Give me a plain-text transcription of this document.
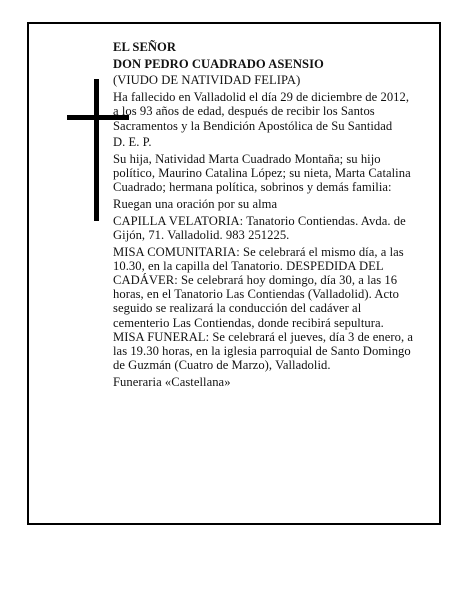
EL SEÑOR

DON PEDRO CUADRADO ASENSIO

(VIUDO DE NATIVIDAD FELIPA)

Ha fallecido en Valladolid el día 29 de diciembre de 2012, a los 93 años de edad, después de recibir los Santos Sacramentos y la Bendición Apostólica de Su Santidad

D. E. P.

Su hija, Natividad Marta Cuadrado Montaña; su hijo político, Maurino Catalina López; su nieta, Marta Catalina Cuadrado; hermana política, sobrinos y demás familia:

Ruegan una oración por su alma

CAPILLA VELATORIA: Tanatorio Contiendas. Avda. de Gijón, 71. Valladolid. 983 251225.

MISA COMUNITARIA: Se celebrará el mismo día, a las 10.30, en la capilla del Tanatorio. DESPEDIDA DEL CADÁVER: Se celebrará hoy domingo, día 30, a las 16 horas, en el Tanatorio Las Contiendas (Valladolid). Acto seguido se realizará la conducción del cadáver al cementerio Las Contiendas, donde recibirá sepultura. MISA FUNERAL: Se celebrará el jueves, día 3 de enero, a las 19.30 horas, en la iglesia parroquial de Santo Domingo de Guzmán (Cuatro de Marzo), Valladolid.

Funeraria «Castellana»
